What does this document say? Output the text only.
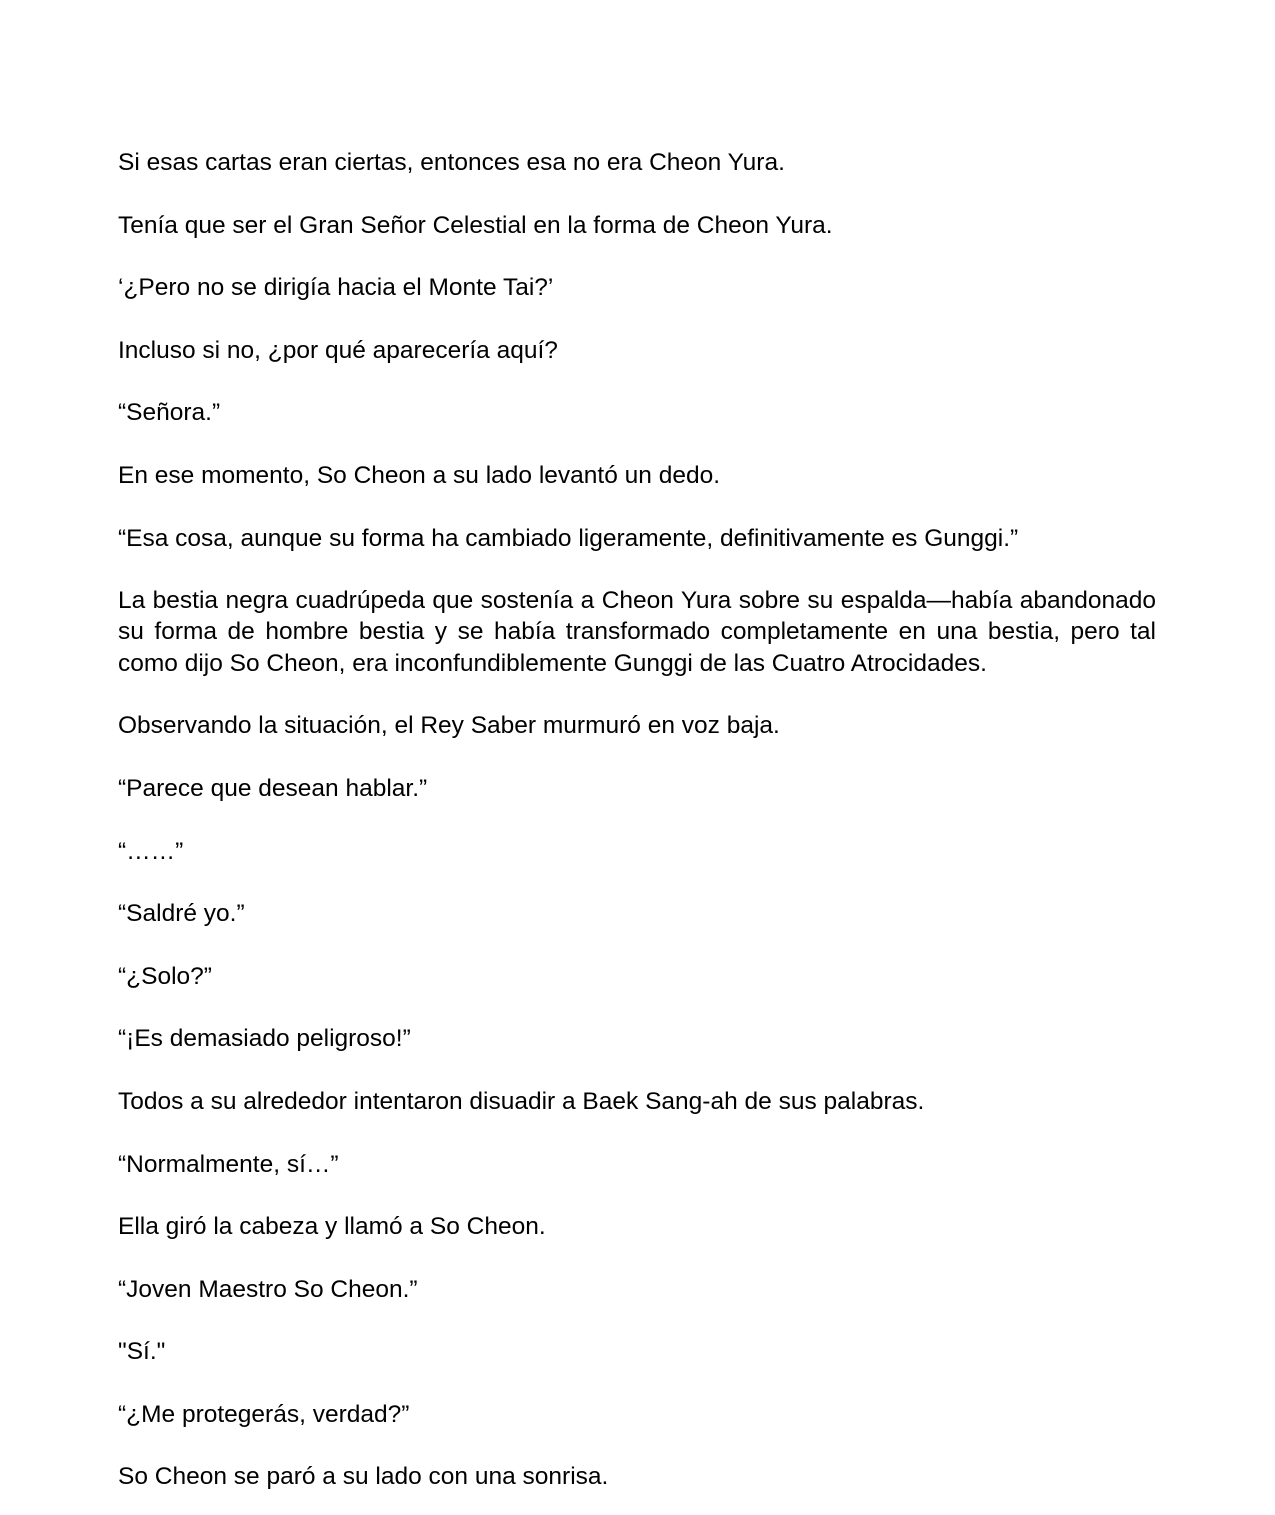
Si esas cartas eran ciertas, entonces esa no era Cheon Yura.

Tenía que ser el Gran Señor Celestial en la forma de Cheon Yura.

‘¿Pero no se dirigía hacia el Monte Tai?’

Incluso si no, ¿por qué aparecería aquí?

“Señora.”

En ese momento, So Cheon a su lado levantó un dedo.

“Esa cosa, aunque su forma ha cambiado ligeramente, definitivamente es Gunggi.”

La bestia negra cuadrúpeda que sostenía a Cheon Yura sobre su espalda—había abandonado su forma de hombre bestia y se había transformado completamente en una bestia, pero tal como dijo So Cheon, era inconfundiblemente Gunggi de las Cuatro Atrocidades.

Observando la situación, el Rey Saber murmuró en voz baja.

“Parece que desean hablar.”

“……”

“Saldré yo.”

“¿Solo?”

“¡Es demasiado peligroso!”

Todos a su alrededor intentaron disuadir a Baek Sang-ah de sus palabras.

“Normalmente, sí…”

Ella giró la cabeza y llamó a So Cheon.

“Joven Maestro So Cheon.”

"Sí."

“¿Me protegerás, verdad?”

So Cheon se paró a su lado con una sonrisa.
